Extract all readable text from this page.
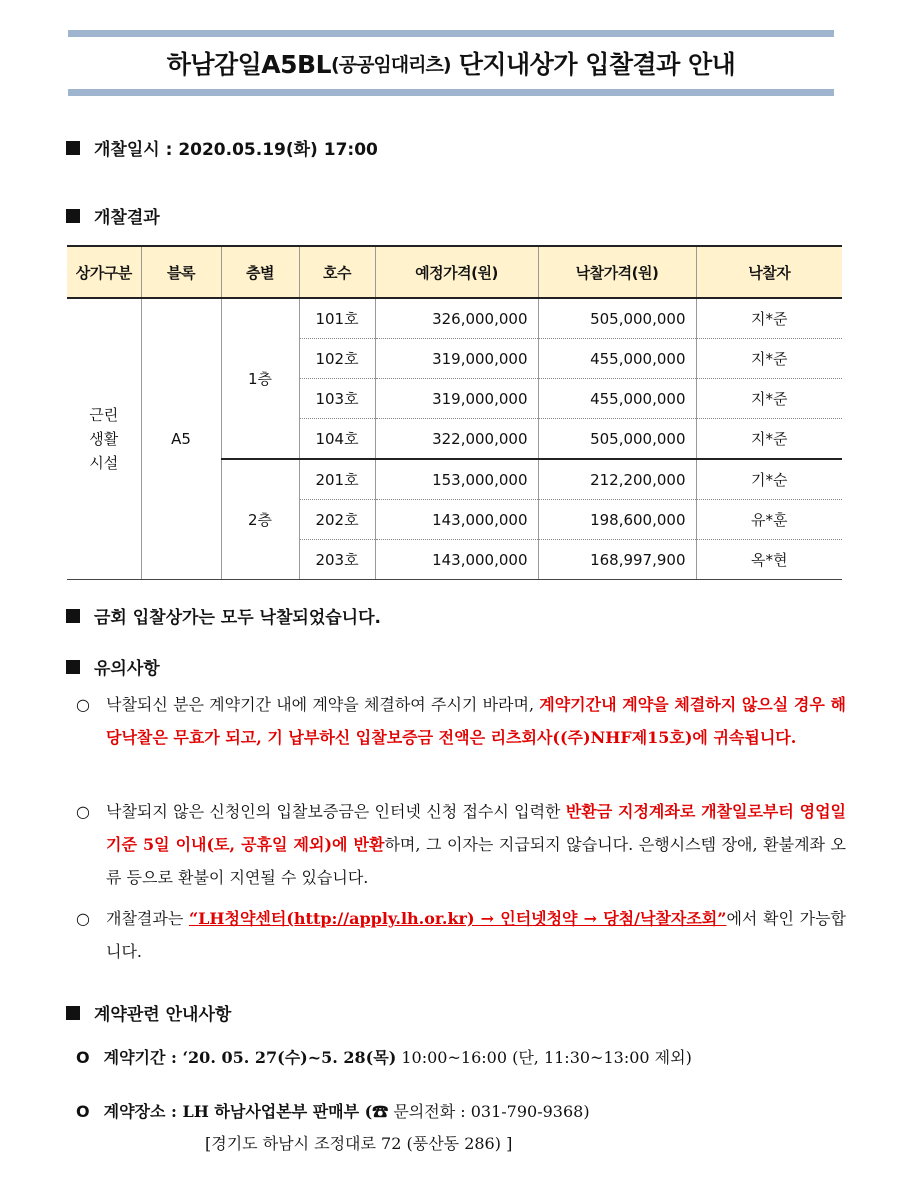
하남감일A5BL (공공임대리츠) 단지내상가 입찰결과 안내
개찰일시 : 2020.05.19(화) 17:00
개찰결과
상가구분	블록	층별	호수	예정가격(원)	낙찰가격(원)	낙찰자
근린
생활
시설	A5	1층	101호	326,000,000	505,000,000	지*준
			102호	319,000,000	455,000,000	지*준
			103호	319,000,000	455,000,000	지*준
			104호	322,000,000	505,000,000	지*준
		2층	201호	153,000,000	212,200,000	기*순
			202호	143,000,000	198,600,000	유*훈
			203호	143,000,000	168,997,900	옥*현
금회 입찰상가는 모두 낙찰되었습니다.
유의사항
○ 낙찰되신 분은 계약기간 내에 계약을 체결하여 주시기 바라며, 계약기간내 계약을 체결하지 않으실 경우 해당낙찰은 무효가 되고, 기 납부하신 입찰보증금 전액은 리츠회사((주)NHF제15호)에 귀속됩니다.
○ 낙찰되지 않은 신청인의 입찰보증금은 인터넷 신청 접수시 입력한 반환금 지정계좌로 개찰일로부터 영업일 기준 5일 이내(토, 공휴일 제외)에 반환하며, 그 이자는 지급되지 않습니다. 은행시스템 장애, 환불계좌 오류 등으로 환불이 지연될 수 있습니다.
○ 개찰결과는 “LH청약센터(http://apply.lh.or.kr) → 인터넷청약 → 당첨/낙찰자조회”에서 확인 가능합니다.
계약관련 안내사항
O 계약기간 : ‘20. 05. 27(수)~5. 28(목) 10:00~16:00 (단, 11:30~13:00 제외)
O 계약장소 : LH 하남사업본부 판매부 (☎ 문의전화 : 031-790-9368)
[경기도 하남시 조정대로 72 (풍산동 286) ]
